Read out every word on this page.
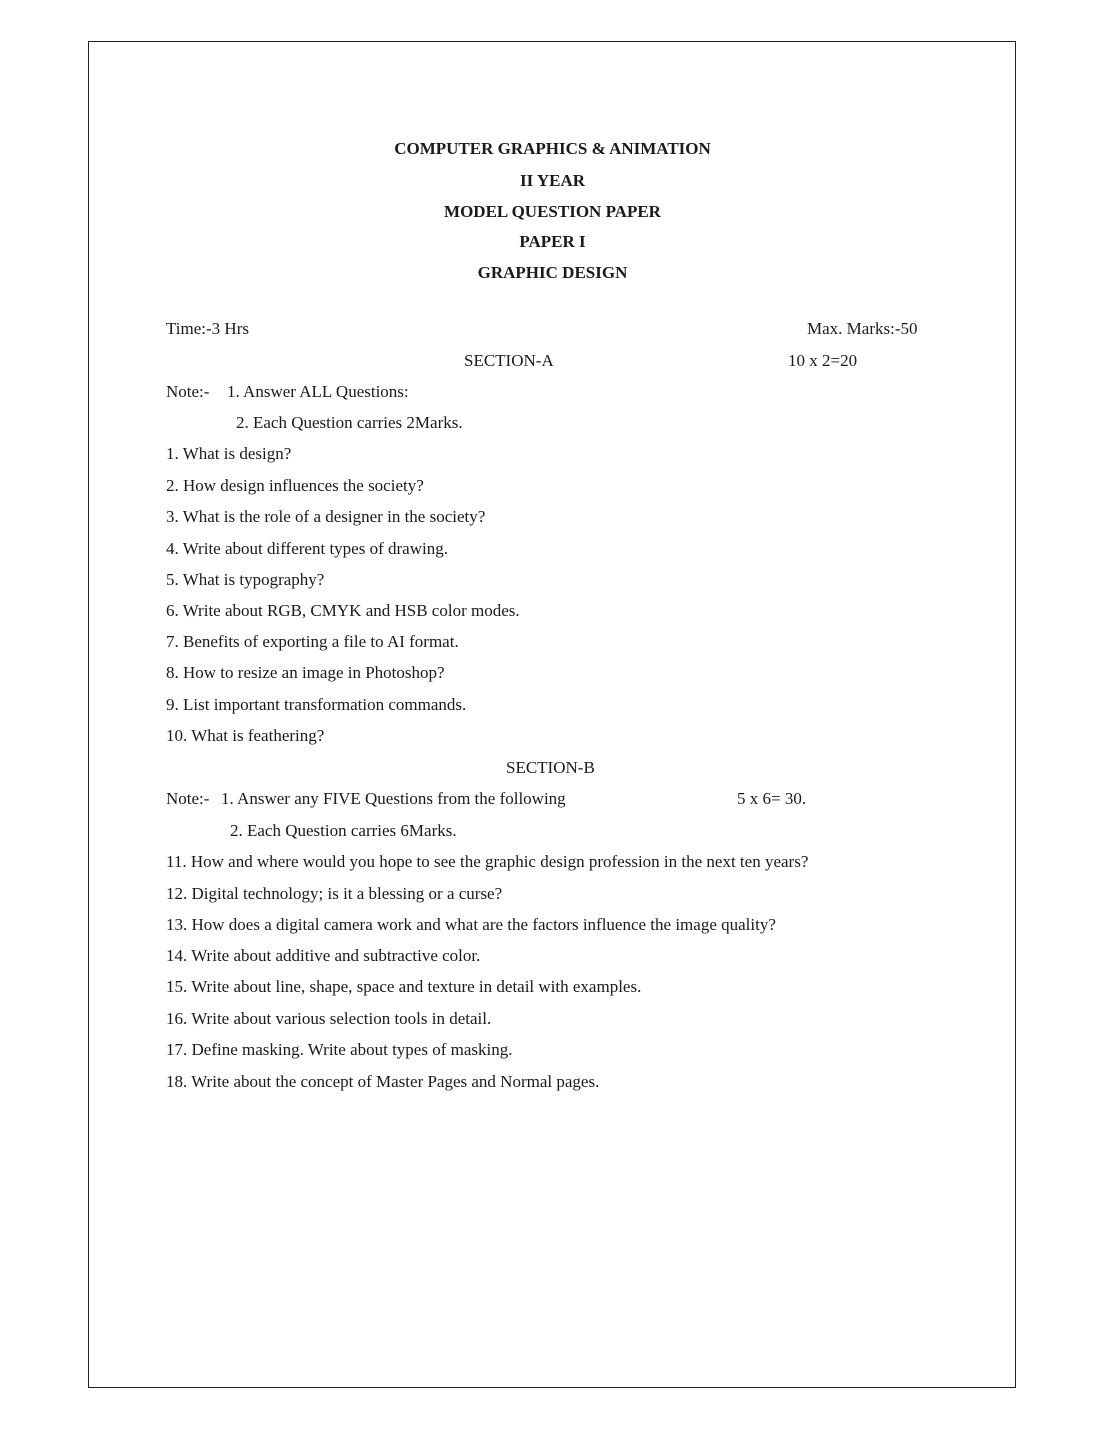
COMPUTER GRAPHICS & ANIMATION
II YEAR
MODEL QUESTION PAPER
PAPER I
GRAPHIC DESIGN
Time:-3 Hrs	Max. Marks:-50
SECTION-A	10 x 2=20
Note:- 1. Answer ALL Questions:
2. Each Question carries 2Marks.
1. What is design?
2. How design influences the society?
3. What is the role of a designer in the society?
4. Write about different types of drawing.
5. What is typography?
6. Write about RGB, CMYK and HSB color modes.
7. Benefits of exporting a file to AI format.
8. How to resize an image in Photoshop?
9. List important transformation commands.
10. What is feathering?
SECTION-B
Note:- 1. Answer any FIVE Questions from the following	5 x 6= 30.
2. Each Question carries 6Marks.
11. How and where would you hope to see the graphic design profession in the next ten years?
12. Digital technology; is it a blessing or a curse?
13. How does a digital camera work and what are the factors influence the image quality?
14. Write about additive and subtractive color.
15. Write about line, shape, space and texture in detail with examples.
16. Write about various selection tools in detail.
17. Define masking. Write about types of masking.
18. Write about the concept of Master Pages and Normal pages.
